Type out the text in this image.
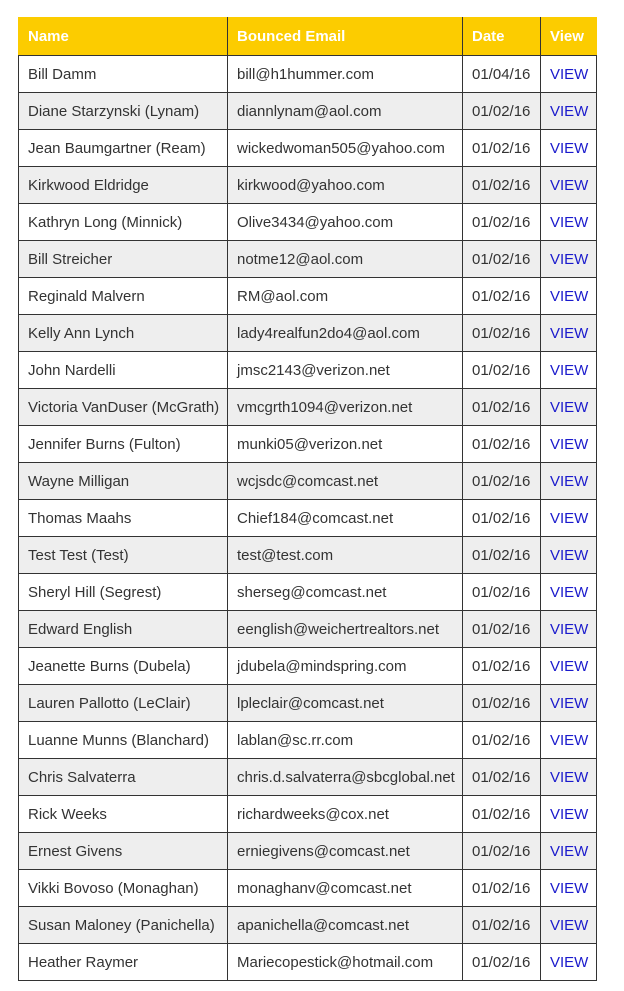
Name	Bounced Email	Date	View
Bill Damm	bill@h1hummer.com	01/04/16	VIEW
Diane Starzynski (Lynam)	diannlynam@aol.com	01/02/16	VIEW
Jean Baumgartner (Ream)	wickedwoman505@yahoo.com	01/02/16	VIEW
Kirkwood Eldridge	kirkwood@yahoo.com	01/02/16	VIEW
Kathryn Long (Minnick)	Olive3434@yahoo.com	01/02/16	VIEW
Bill Streicher	notme12@aol.com	01/02/16	VIEW
Reginald Malvern	RM@aol.com	01/02/16	VIEW
Kelly Ann Lynch	lady4realfun2do4@aol.com	01/02/16	VIEW
John Nardelli	jmsc2143@verizon.net	01/02/16	VIEW
Victoria VanDuser (McGrath)	vmcgrth1094@verizon.net	01/02/16	VIEW
Jennifer Burns (Fulton)	munki05@verizon.net	01/02/16	VIEW
Wayne Milligan	wcjsdc@comcast.net	01/02/16	VIEW
Thomas Maahs	Chief184@comcast.net	01/02/16	VIEW
Test Test (Test)	test@test.com	01/02/16	VIEW
Sheryl Hill (Segrest)	sherseg@comcast.net	01/02/16	VIEW
Edward English	eenglish@weichertrealtors.net	01/02/16	VIEW
Jeanette Burns (Dubela)	jdubela@mindspring.com	01/02/16	VIEW
Lauren Pallotto (LeClair)	lpleclair@comcast.net	01/02/16	VIEW
Luanne Munns (Blanchard)	lablan@sc.rr.com	01/02/16	VIEW
Chris Salvaterra	chris.d.salvaterra@sbcglobal.net	01/02/16	VIEW
Rick Weeks	richardweeks@cox.net	01/02/16	VIEW
Ernest Givens	erniegivens@comcast.net	01/02/16	VIEW
Vikki Bovoso (Monaghan)	monaghanv@comcast.net	01/02/16	VIEW
Susan Maloney (Panichella)	apanichella@comcast.net	01/02/16	VIEW
Heather Raymer	Mariecopestick@hotmail.com	01/02/16	VIEW
